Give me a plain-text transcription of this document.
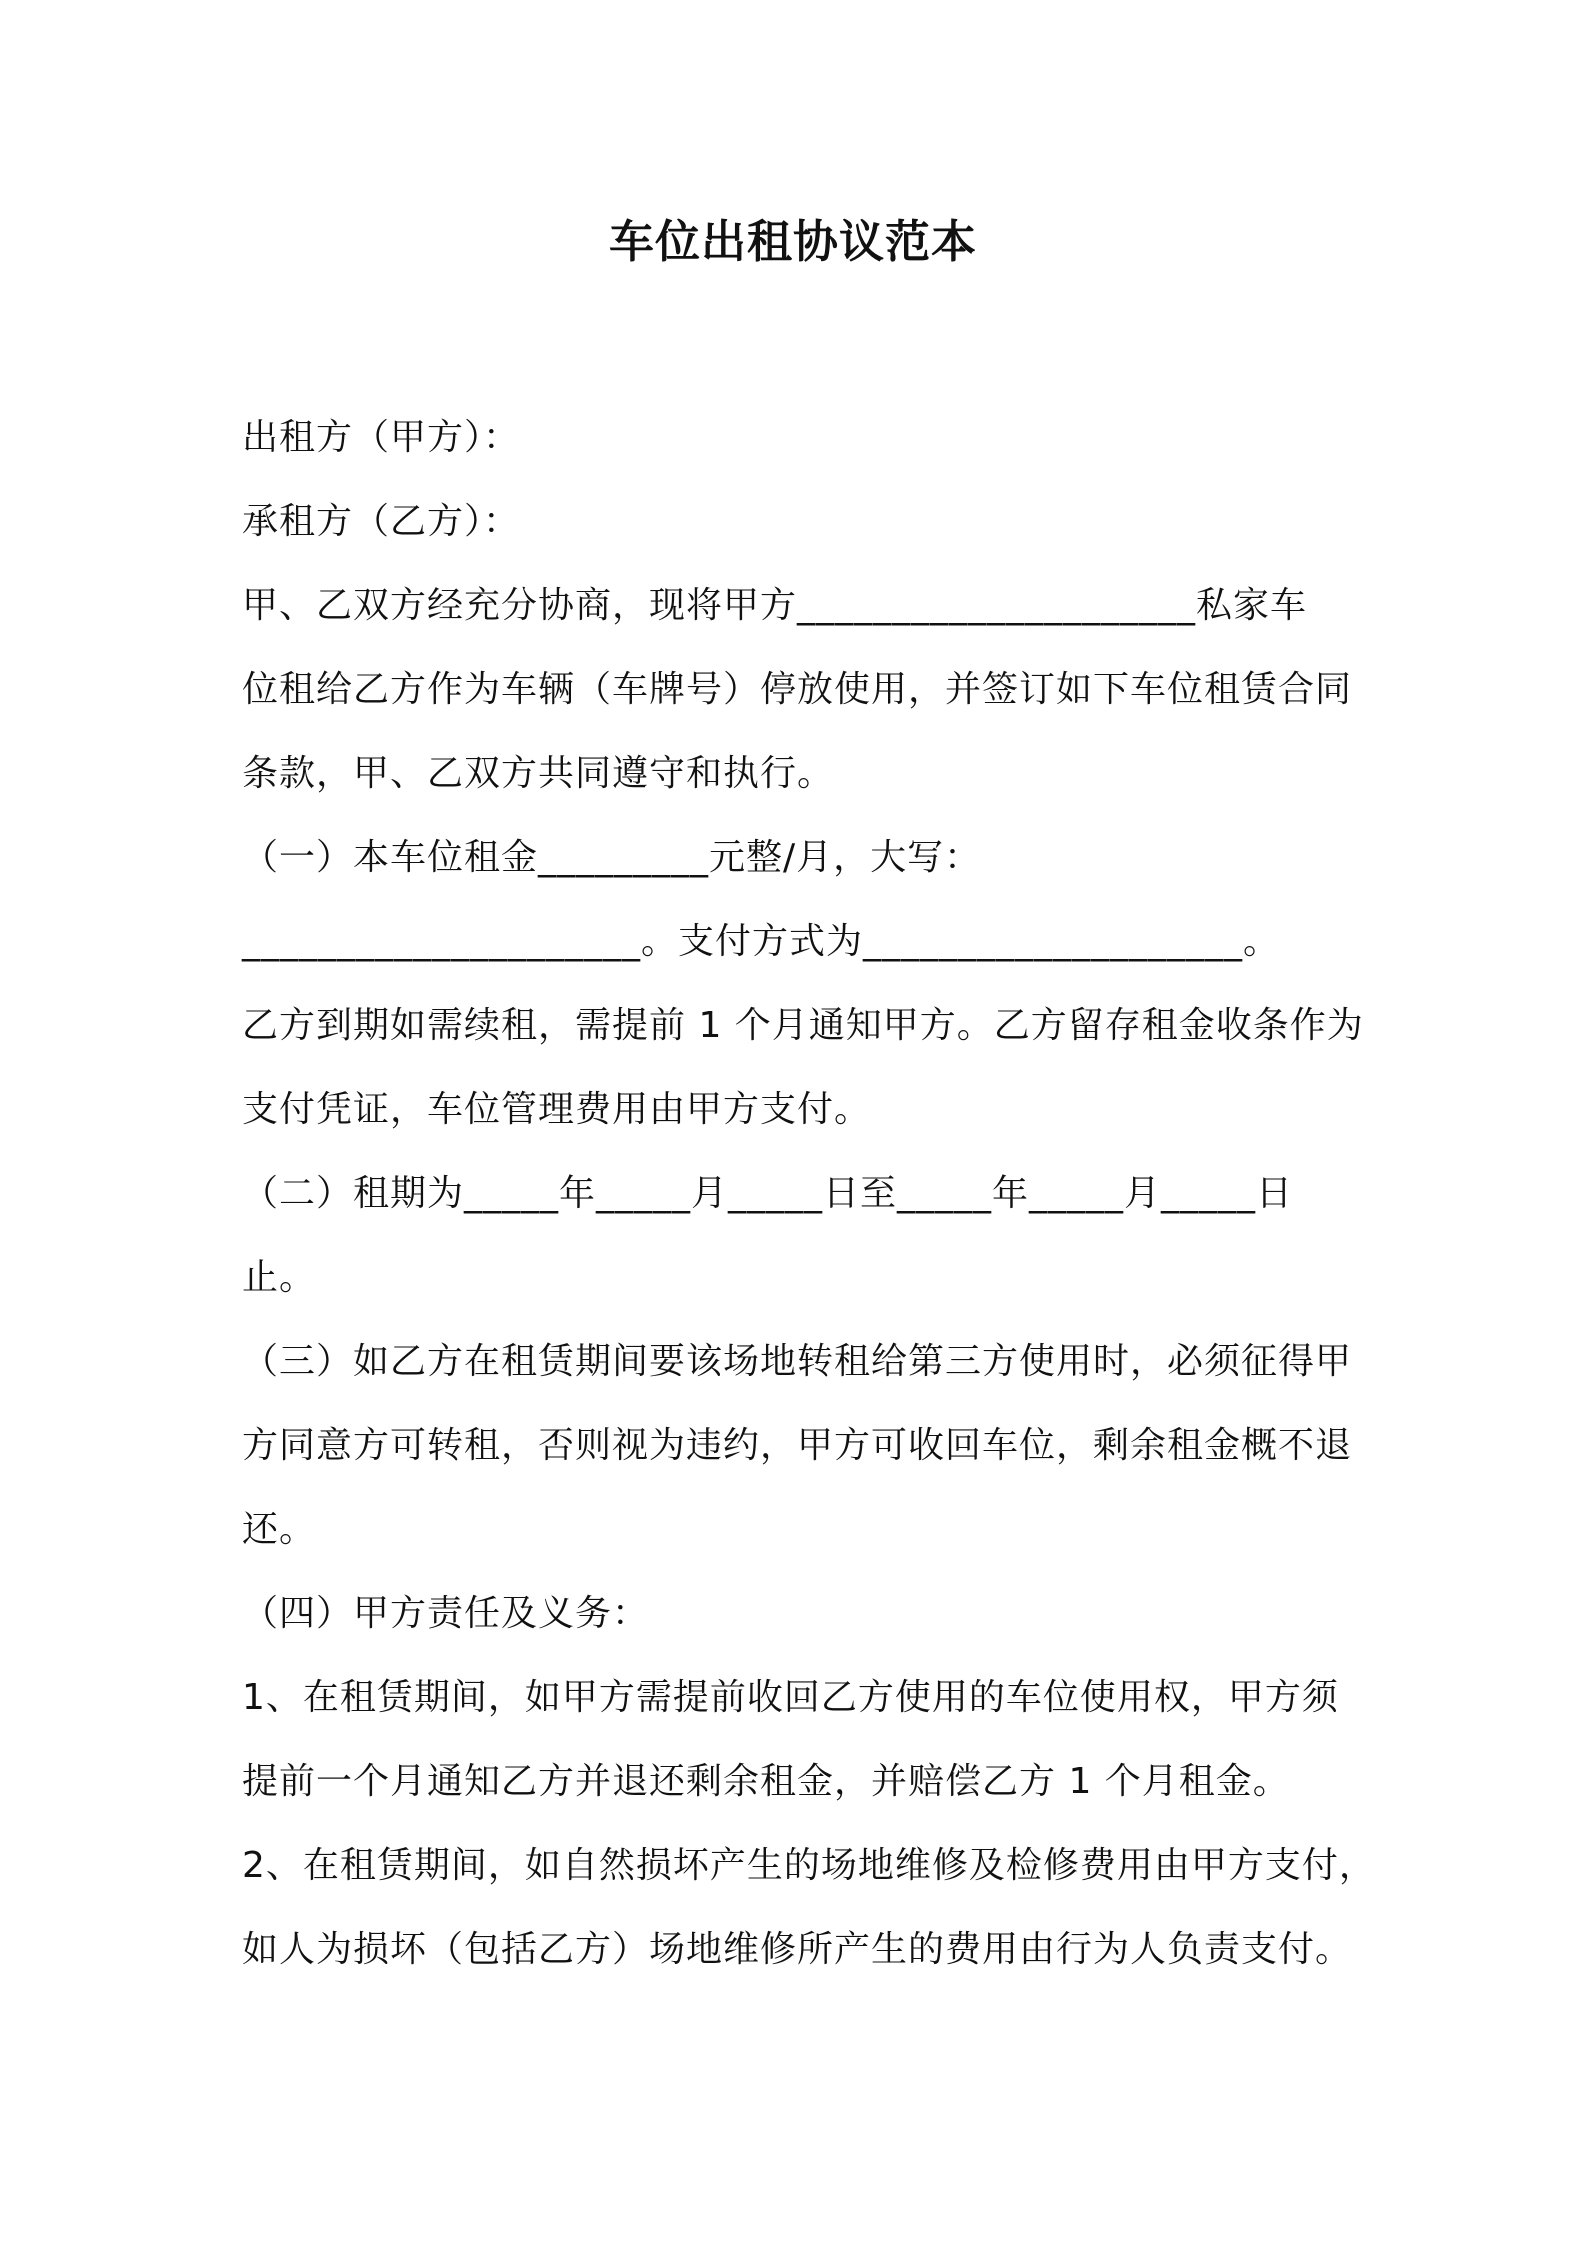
车位出租协议范本
出租方（甲方）：
承租方（乙方）：
甲、乙双方经充分协商，现将甲方_____________________私家车
位租给乙方作为车辆（车牌号）停放使用，并签订如下车位租赁合同
条款，甲、乙双方共同遵守和执行。
（一）本车位租金_________元整/月，大写：
_____________________。支付方式为____________________。
乙方到期如需续租，需提前 1 个月通知甲方。乙方留存租金收条作为
支付凭证，车位管理费用由甲方支付。
（二）租期为_____年_____月_____日至_____年_____月_____日
止。
（三）如乙方在租赁期间要该场地转租给第三方使用时，必须征得甲
方同意方可转租，否则视为违约，甲方可收回车位，剩余租金概不退
还。
（四）甲方责任及义务：
1、在租赁期间，如甲方需提前收回乙方使用的车位使用权，甲方须
提前一个月通知乙方并退还剩余租金，并赔偿乙方 1 个月租金。
2、在租赁期间，如自然损坏产生的场地维修及检修费用由甲方支付，
如人为损坏（包括乙方）场地维修所产生的费用由行为人负责支付。
